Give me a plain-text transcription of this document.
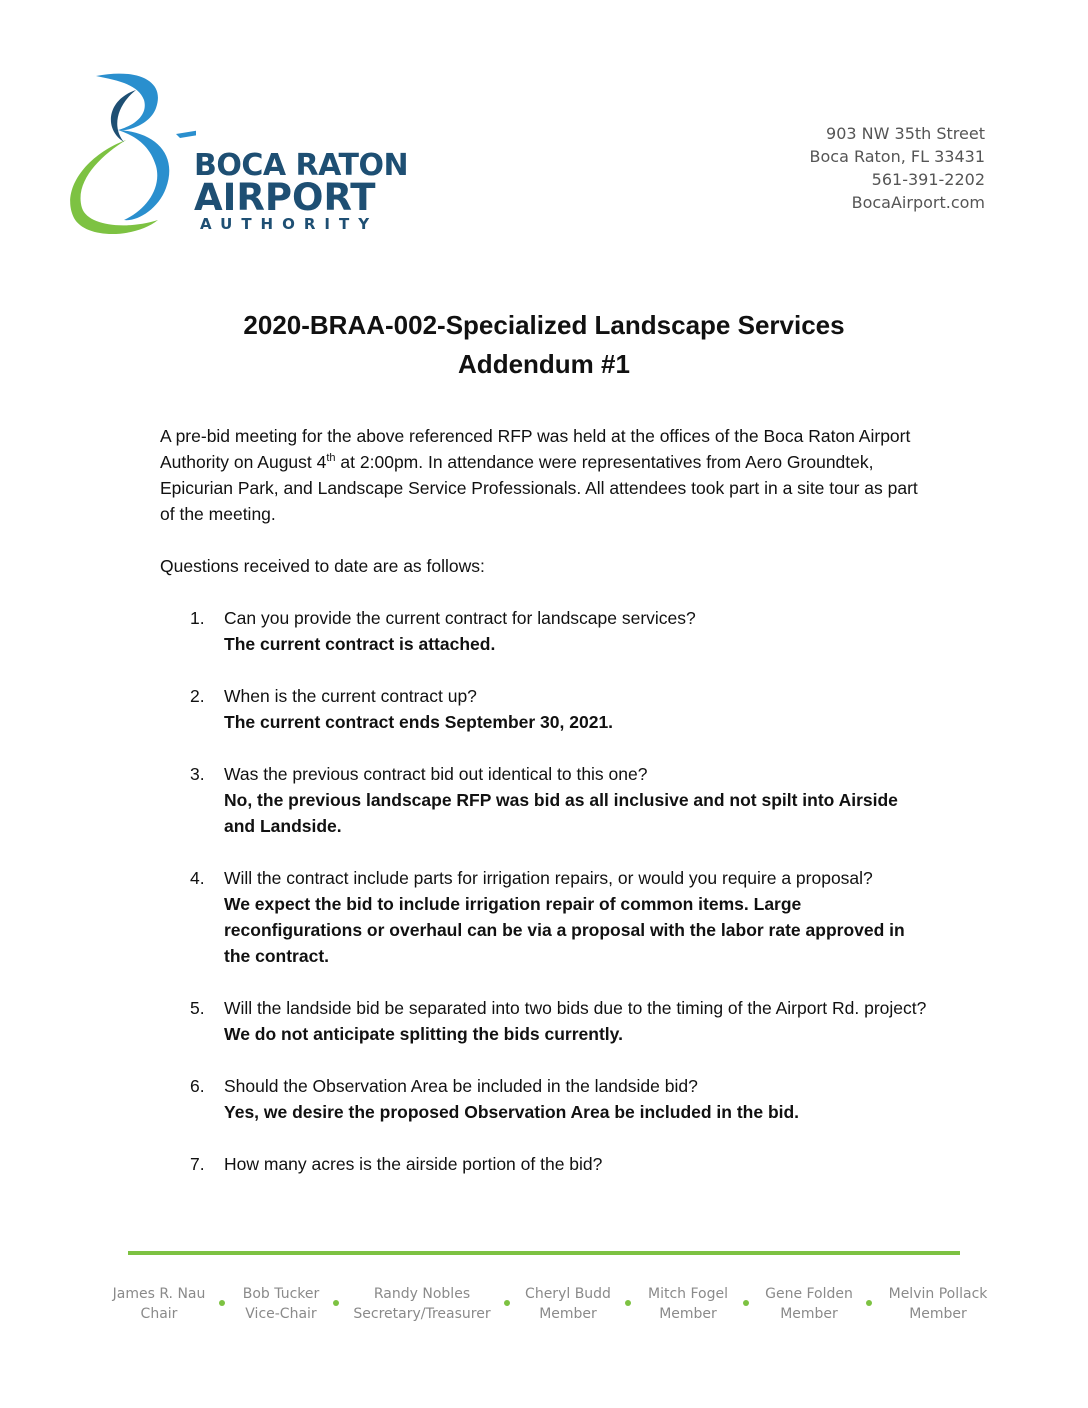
BOCA RATON
AIRPORT
AUTHORITY
903 NW 35th Street
Boca Raton, FL 33431
561-391-2202
BocaAirport.com
2020-BRAA-002-Specialized Landscape Services
Addendum #1
A pre-bid meeting for the above referenced RFP was held at the offices of the Boca Raton Airport Authority on August 4th at 2:00pm. In attendance were representatives from Aero Groundtek, Epicurian Park, and Landscape Service Professionals. All attendees took part in a site tour as part of the meeting.
Questions received to date are as follows:
1. Can you provide the current contract for landscape services?
The current contract is attached.
2. When is the current contract up?
The current contract ends September 30, 2021.
3. Was the previous contract bid out identical to this one?
No, the previous landscape RFP was bid as all inclusive and not spilt into Airside and Landside.
4. Will the contract include parts for irrigation repairs, or would you require a proposal?
We expect the bid to include irrigation repair of common items. Large reconfigurations or overhaul can be via a proposal with the labor rate approved in the contract.
5. Will the landside bid be separated into two bids due to the timing of the Airport Rd. project?
We do not anticipate splitting the bids currently.
6. Should the Observation Area be included in the landside bid?
Yes, we desire the proposed Observation Area be included in the bid.
7. How many acres is the airside portion of the bid?
James R. Nau
Chair
Bob Tucker
Vice-Chair
Randy Nobles
Secretary/Treasurer
Cheryl Budd
Member
Mitch Fogel
Member
Gene Folden
Member
Melvin Pollack
Member
